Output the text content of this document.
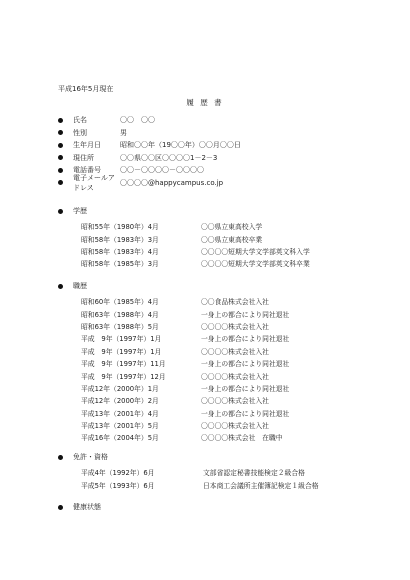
平成16年5月現在
履 歴 書
氏名	〇〇　〇〇
性別	男
生年月日	昭和〇〇年（19〇〇年）〇〇月〇〇日
現住所	〇〇県〇〇区〇〇〇〇1－2－3
電話番号	〇〇－〇〇〇〇－〇〇〇〇
電子メールアドレス
〇〇〇〇@happycampus.co.jp
学歴
昭和55年（1980年）4月	〇〇県立東高校入学
昭和58年（1983年）3月	〇〇県立東高校卒業
昭和58年（1983年）4月	〇〇〇〇短期大学文学部英文科入学
昭和58年（1985年）3月	〇〇〇〇短期大学文学部英文科卒業
職歴
昭和60年（1985年）4月	〇〇食品株式会社入社
昭和63年（1988年）4月	一身上の都合により同社退社
昭和63年（1988年）5月	〇〇〇〇株式会社入社
平成　9年（1997年）1月	一身上の都合により同社退社
平成　9年（1997年）1月	〇〇〇〇株式会社入社
平成　9年（1997年）11月	一身上の都合により同社退社
平成　9年（1997年）12月	〇〇〇〇株式会社入社
平成12年（2000年）1月	一身上の都合により同社退社
平成12年（2000年）2月	〇〇〇〇株式会社入社
平成13年（2001年）4月	一身上の都合により同社退社
平成13年（2001年）5月	〇〇〇〇株式会社入社
平成16年（2004年）5月	〇〇〇〇株式会社　在職中
免許・資格
平成4年（1992年）6月	文部省認定秘書技能検定２級合格
平成5年（1993年）6月	日本商工会議所主催簿記検定１級合格
健康状態
